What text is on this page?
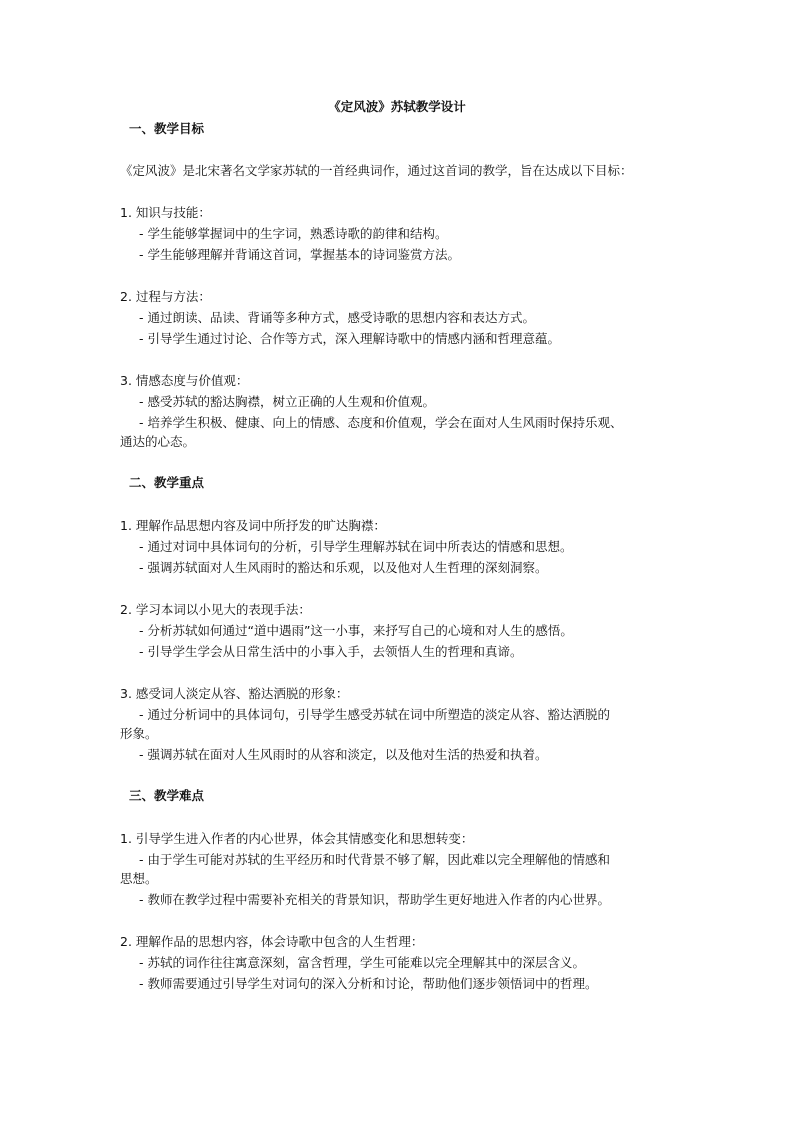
《定风波》苏轼教学设计
一、教学目标
《定风波》是北宋著名文学家苏轼的一首经典词作，通过这首词的教学，旨在达成以下目标：
1. 知识与技能：
- 学生能够掌握词中的生字词，熟悉诗歌的韵律和结构。
- 学生能够理解并背诵这首词，掌握基本的诗词鉴赏方法。
2. 过程与方法：
- 通过朗读、品读、背诵等多种方式，感受诗歌的思想内容和表达方式。
- 引导学生通过讨论、合作等方式，深入理解诗歌中的情感内涵和哲理意蕴。
3. 情感态度与价值观：
- 感受苏轼的豁达胸襟，树立正确的人生观和价值观。
- 培养学生积极、健康、向上的情感、态度和价值观，学会在面对人生风雨时保持乐观、
通达的心态。
二、教学重点
1. 理解作品思想内容及词中所抒发的旷达胸襟：
- 通过对词中具体词句的分析，引导学生理解苏轼在词中所表达的情感和思想。
- 强调苏轼面对人生风雨时的豁达和乐观，以及他对人生哲理的深刻洞察。
2. 学习本词以小见大的表现手法：
- 分析苏轼如何通过“道中遇雨”这一小事，来抒写自己的心境和对人生的感悟。
- 引导学生学会从日常生活中的小事入手，去领悟人生的哲理和真谛。
3. 感受词人淡定从容、豁达洒脱的形象：
- 通过分析词中的具体词句，引导学生感受苏轼在词中所塑造的淡定从容、豁达洒脱的
形象。
- 强调苏轼在面对人生风雨时的从容和淡定，以及他对生活的热爱和执着。
三、教学难点
1. 引导学生进入作者的内心世界，体会其情感变化和思想转变：
- 由于学生可能对苏轼的生平经历和时代背景不够了解，因此难以完全理解他的情感和
思想。
- 教师在教学过程中需要补充相关的背景知识，帮助学生更好地进入作者的内心世界。
2. 理解作品的思想内容，体会诗歌中包含的人生哲理：
- 苏轼的词作往往寓意深刻，富含哲理，学生可能难以完全理解其中的深层含义。
- 教师需要通过引导学生对词句的深入分析和讨论，帮助他们逐步领悟词中的哲理。
